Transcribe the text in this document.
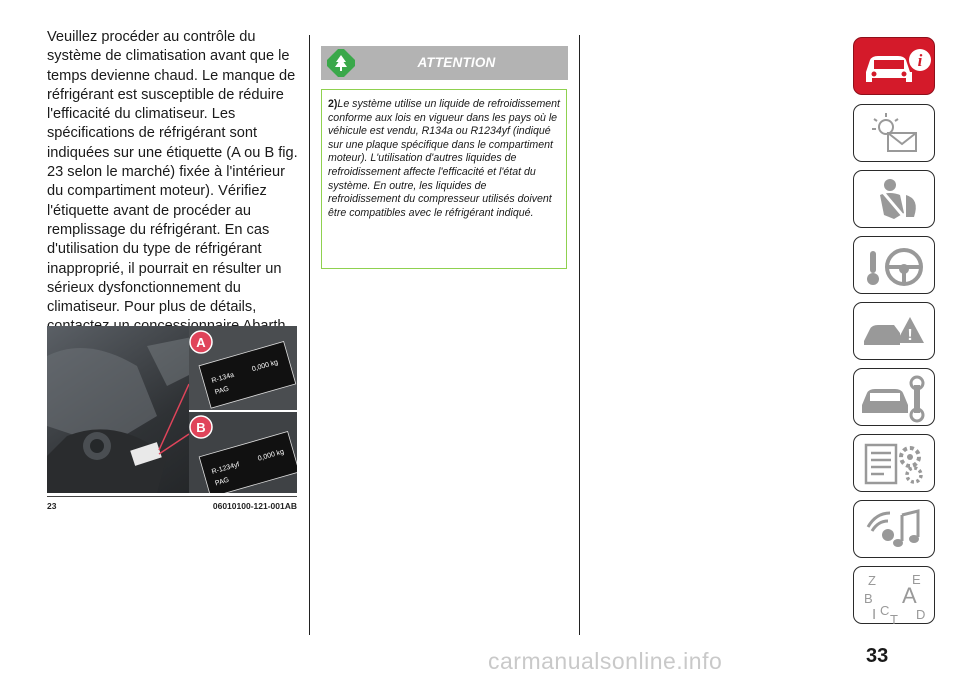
Veuillez procéder au contrôle du système de climatisation avant que le temps devienne chaud. Le manque de réfrigérant est susceptible de réduire l'efficacité du climatiseur. Les spécifications de réfrigérant sont indiquées sur une étiquette (A ou B fig. 23 selon le marché) fixée à l'intérieur du compartiment moteur). Vérifiez l'étiquette avant de procéder au remplissage du réfrigérant. En cas d'utilisation du type de réfrigérant inapproprié, il pourrait en résulter un sérieux dysfonctionnement du climatiseur. Pour plus de détails,

R-134a
0,000 kg
PAG
R-1234yf
0,000 kg
PAG
A
B
23	06010100-121-001AB
ATTENTION

2)Le système utilise un liquide de refroidissement conforme aux lois en vigueur dans les pays où le véhicule est vendu, R134a ou R1234yf (indiqué sur une plaque spécifique dans le compartiment moteur). L'utilisation d'autres liquides de refroidissement affecte l'efficacité et l'état du système. En outre, les liquides de refroidissement du compresseur utilisés doivent être compatibles avec le réfrigérant indiqué.

i
!
Z	E
B A
I C
T D
33
carmanualsonline.info
